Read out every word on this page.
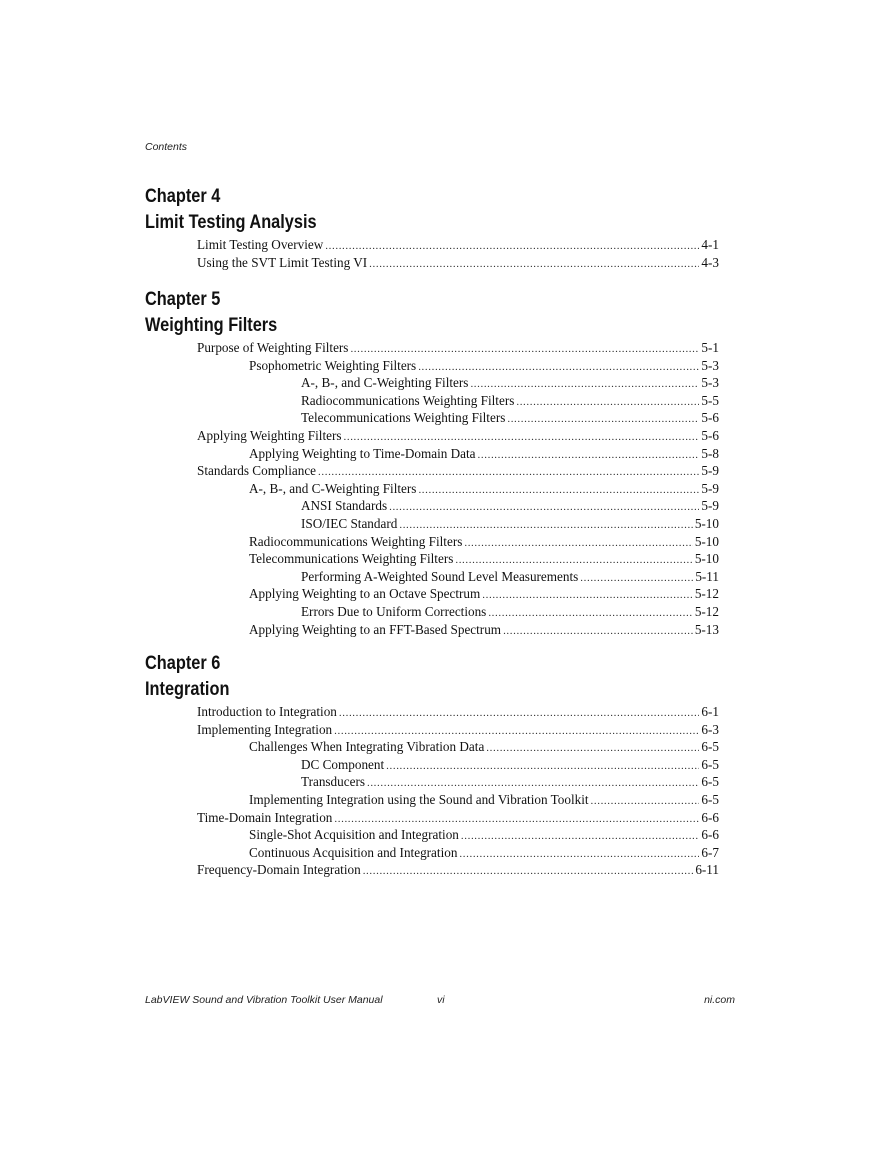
Contents
Chapter 4
Limit Testing Analysis
Limit Testing Overview .....	4-1
Using the SVT Limit Testing VI .....	4-3
Chapter 5
Weighting Filters
Purpose of Weighting Filters .....	5-1
Psophometric Weighting Filters .....	5-3
A-, B-, and C-Weighting Filters .....	5-3
Radiocommunications Weighting Filters .....	5-5
Telecommunications Weighting Filters .....	5-6
Applying Weighting Filters .....	5-6
Applying Weighting to Time-Domain Data .....	5-8
Standards Compliance .....	5-9
A-, B-, and C-Weighting Filters .....	5-9
ANSI Standards .....	5-9
ISO/IEC Standard .....	5-10
Radiocommunications Weighting Filters .....	5-10
Telecommunications Weighting Filters .....	5-10
Performing A-Weighted Sound Level Measurements .....	5-11
Applying Weighting to an Octave Spectrum .....	5-12
Errors Due to Uniform Corrections .....	5-12
Applying Weighting to an FFT-Based Spectrum .....	5-13
Chapter 6
Integration
Introduction to Integration .....	6-1
Implementing Integration .....	6-3
Challenges When Integrating Vibration Data .....	6-5
DC Component .....	6-5
Transducers .....	6-5
Implementing Integration using the Sound and Vibration Toolkit .....	6-5
Time-Domain Integration .....	6-6
Single-Shot Acquisition and Integration .....	6-6
Continuous Acquisition and Integration .....	6-7
Frequency-Domain Integration .....	6-11
LabVIEW Sound and Vibration Toolkit User Manual	vi	ni.com
